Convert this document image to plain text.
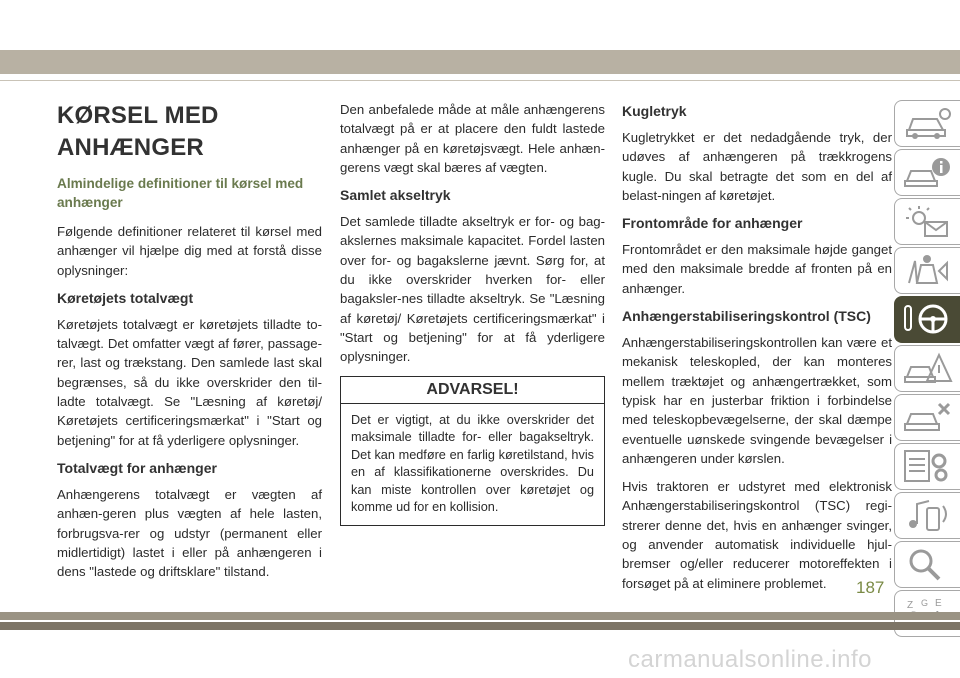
KØRSEL MED ANHÆNGER
Almindelige definitioner til kørsel med anhænger

Følgende definitioner relateret til kørsel med anhænger vil hjælpe dig med at forstå disse oplysninger:

Køretøjets totalvægt

Køretøjets totalvægt er køretøjets tilladte to-talvægt. Det omfatter vægt af fører, passage-rer, last og trækstang. Den samlede last skal begrænses, så du ikke overskrider den til-ladte totalvægt. Se "Læsning af køretøj/ Køretøjets certificeringsmærkat" i "Start og betjening" for at få yderligere oplysninger.

Totalvægt for anhænger

Anhængerens totalvægt er vægten af anhæn-geren plus vægten af hele lasten, forbrugsva-rer og udstyr (permanent eller midlertidigt) lastet i eller på anhængeren i dens "lastede og driftsklare" tilstand.

Den anbefalede måde at måle anhængerens totalvægt på er at placere den fuldt lastede anhænger på en køretøjsvægt. Hele anhæn-gerens vægt skal bæres af vægten.

Samlet akseltryk

Det samlede tilladte akseltryk er for- og bag-akslernes maksimale kapacitet. Fordel lasten over for- og bagakslerne jævnt. Sørg for, at du ikke overskrider hverken for- eller bagaksler-nes tilladte akseltryk. Se "Læsning af køretøj/ Køretøjets certificeringsmærkat" i "Start og betjening" for at få yderligere oplysninger.

ADVARSEL!
Det er vigtigt, at du ikke overskrider det maksimale tilladte for- eller bagakseltryk. Det kan medføre en farlig køretilstand, hvis en af klassifikationerne overskrides. Du kan miste kontrollen over køretøjet og komme ud for en kollision.
Kugletryk

Kugletrykket er det nedadgående tryk, der udøves af anhængeren på trækkrogens kugle. Du skal betragte det som en del af belast-ningen af køretøjet.

Frontområde for anhænger

Frontområdet er den maksimale højde ganget med den maksimale bredde af fronten på en anhænger.

Anhængerstabiliseringskontrol (TSC)

Anhængerstabiliseringskontrollen kan være et mekanisk teleskopled, der kan monteres mellem træktøjet og anhængertrækket, som typisk har en justerbar friktion i forbindelse med teleskopbevægelserne, der skal dæmpe eventuelle uønskede svingende bevægelser i anhængeren under kørslen.

Hvis traktoren er udstyret med elektronisk Anhængerstabiliseringskontrol (TSC) regi-strerer denne det, hvis en anhænger svinger, og anvender automatisk individuelle hjul-bremser og/eller reducerer motoreffekten i forsøget på at eliminere problemet.

Z G E
187
carmanualsonline.info
